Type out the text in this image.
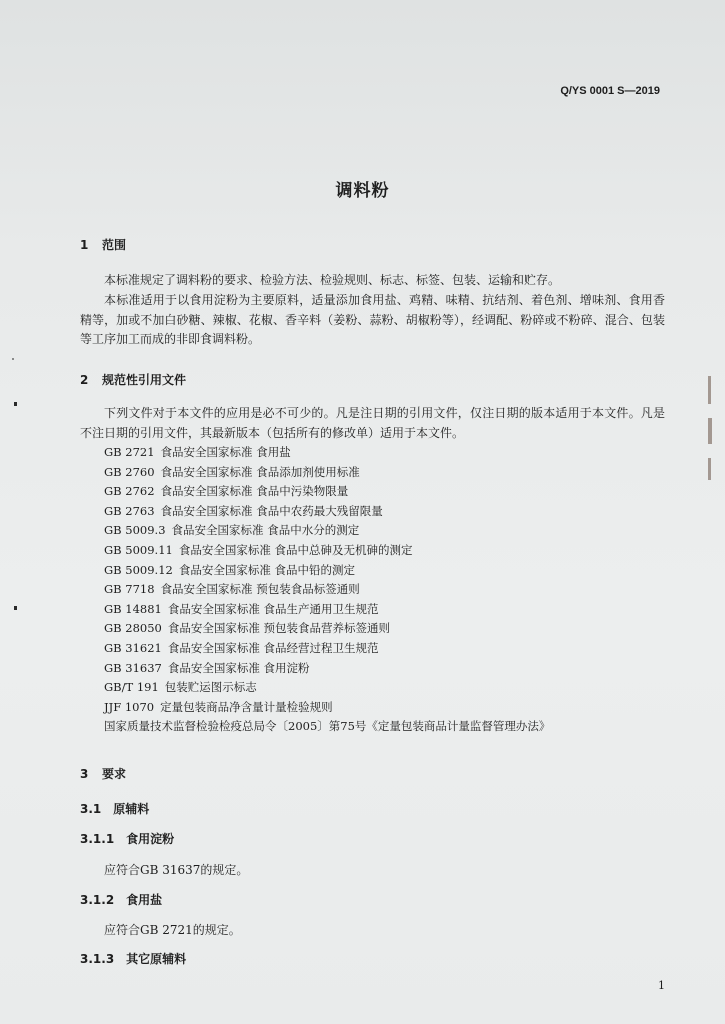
Q/YS 0001 S—2019
调料粉
1 范围
本标准规定了调料粉的要求、检验方法、检验规则、标志、标签、包装、运输和贮存。
本标准适用于以食用淀粉为主要原料，适量添加食用盐、鸡精、味精、抗结剂、着色剂、增味剂、食用香精等，加或不加白砂糖、辣椒、花椒、香辛料（姜粉、蒜粉、胡椒粉等），经调配、粉碎或不粉碎、混合、包装等工序加工而成的非即食调料粉。
2 规范性引用文件
下列文件对于本文件的应用是必不可少的。凡是注日期的引用文件，仅注日期的版本适用于本文件。凡是不注日期的引用文件，其最新版本（包括所有的修改单）适用于本文件。
GB 2721 食品安全国家标准 食用盐
GB 2760 食品安全国家标准 食品添加剂使用标准
GB 2762 食品安全国家标准 食品中污染物限量
GB 2763 食品安全国家标准 食品中农药最大残留限量
GB 5009.3 食品安全国家标准 食品中水分的测定
GB 5009.11 食品安全国家标准 食品中总砷及无机砷的测定
GB 5009.12 食品安全国家标准 食品中铅的测定
GB 7718 食品安全国家标准 预包装食品标签通则
GB 14881 食品安全国家标准 食品生产通用卫生规范
GB 28050 食品安全国家标准 预包装食品营养标签通则
GB 31621 食品安全国家标准 食品经营过程卫生规范
GB 31637 食品安全国家标准 食用淀粉
GB/T 191 包装贮运图示标志
JJF 1070 定量包装商品净含量计量检验规则
国家质量技术监督检验检疫总局令〔2005〕第75号《定量包装商品计量监督管理办法》
3 要求
3.1 原辅料
3.1.1 食用淀粉
应符合GB 31637的规定。
3.1.2 食用盐
应符合GB 2721的规定。
3.1.3 其它原辅料
1
